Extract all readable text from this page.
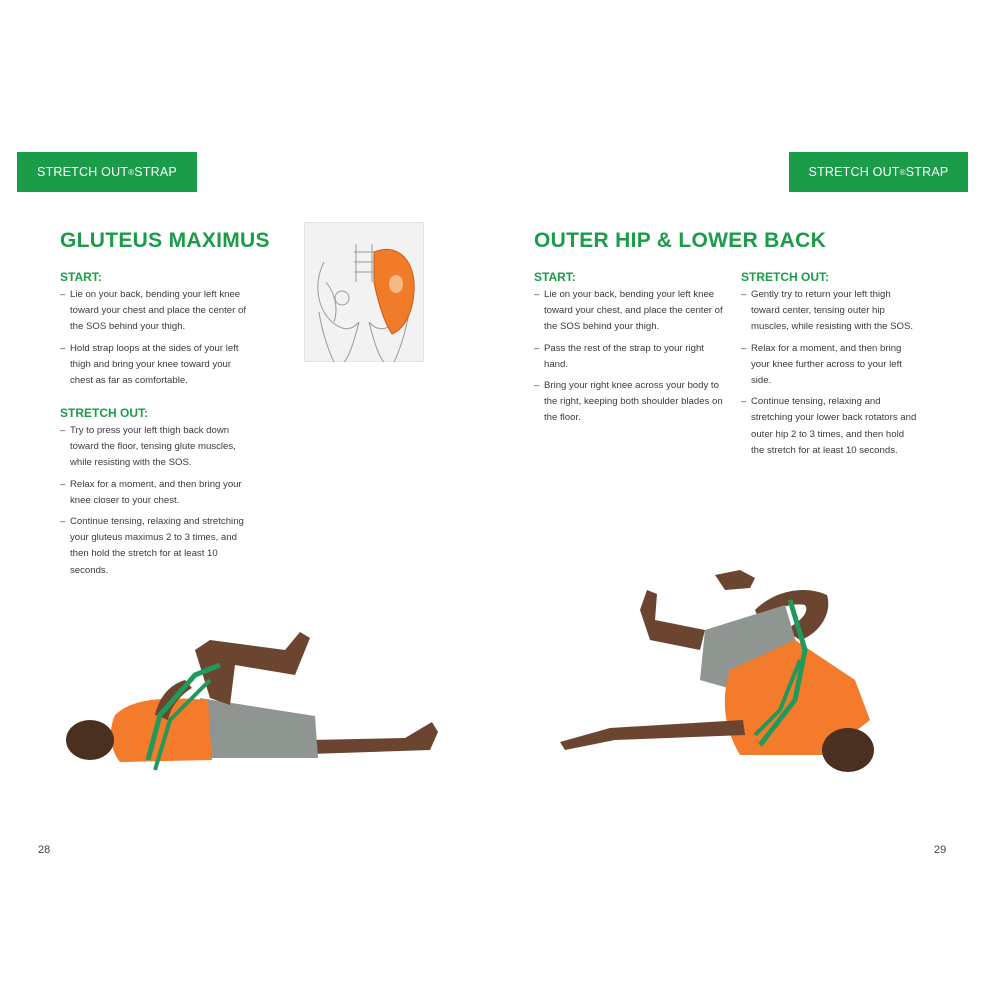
STRETCH OUT ® STRAP	STRETCH OUT ® STRAP
GLUTEUS MAXIMUS
START:
– Lie on your back, bending your left knee toward your chest and place the center of the SOS behind your thigh.
– Hold strap loops at the sides of your left thigh and bring your knee toward your chest as far as comfortable.
STRETCH OUT:
– Try to press your left thigh back down toward the floor, tensing glute muscles, while resisting with the SOS.
– Relax for a moment, and then bring your knee closer to your chest.
– Continue tensing, relaxing and stretching your gluteus maximus 2 to 3 times, and then hold the stretch for at least 10 seconds.
28
OUTER HIP & LOWER BACK
START:
– Lie on your back, bending your left knee toward your chest, and place the center of the SOS behind your thigh.
– Pass the rest of the strap to your right hand.
– Bring your right knee across your body to the right, keeping both shoulder blades on the floor.
STRETCH OUT:
– Gently try to return your left thigh toward center, tensing outer hip muscles, while resisting with the SOS.
– Relax for a moment, and then bring your knee further across to your left side.
– Continue tensing, relaxing and stretching your lower back rotators and outer hip 2 to 3 times, and then hold the stretch for at least 10 seconds.
29
